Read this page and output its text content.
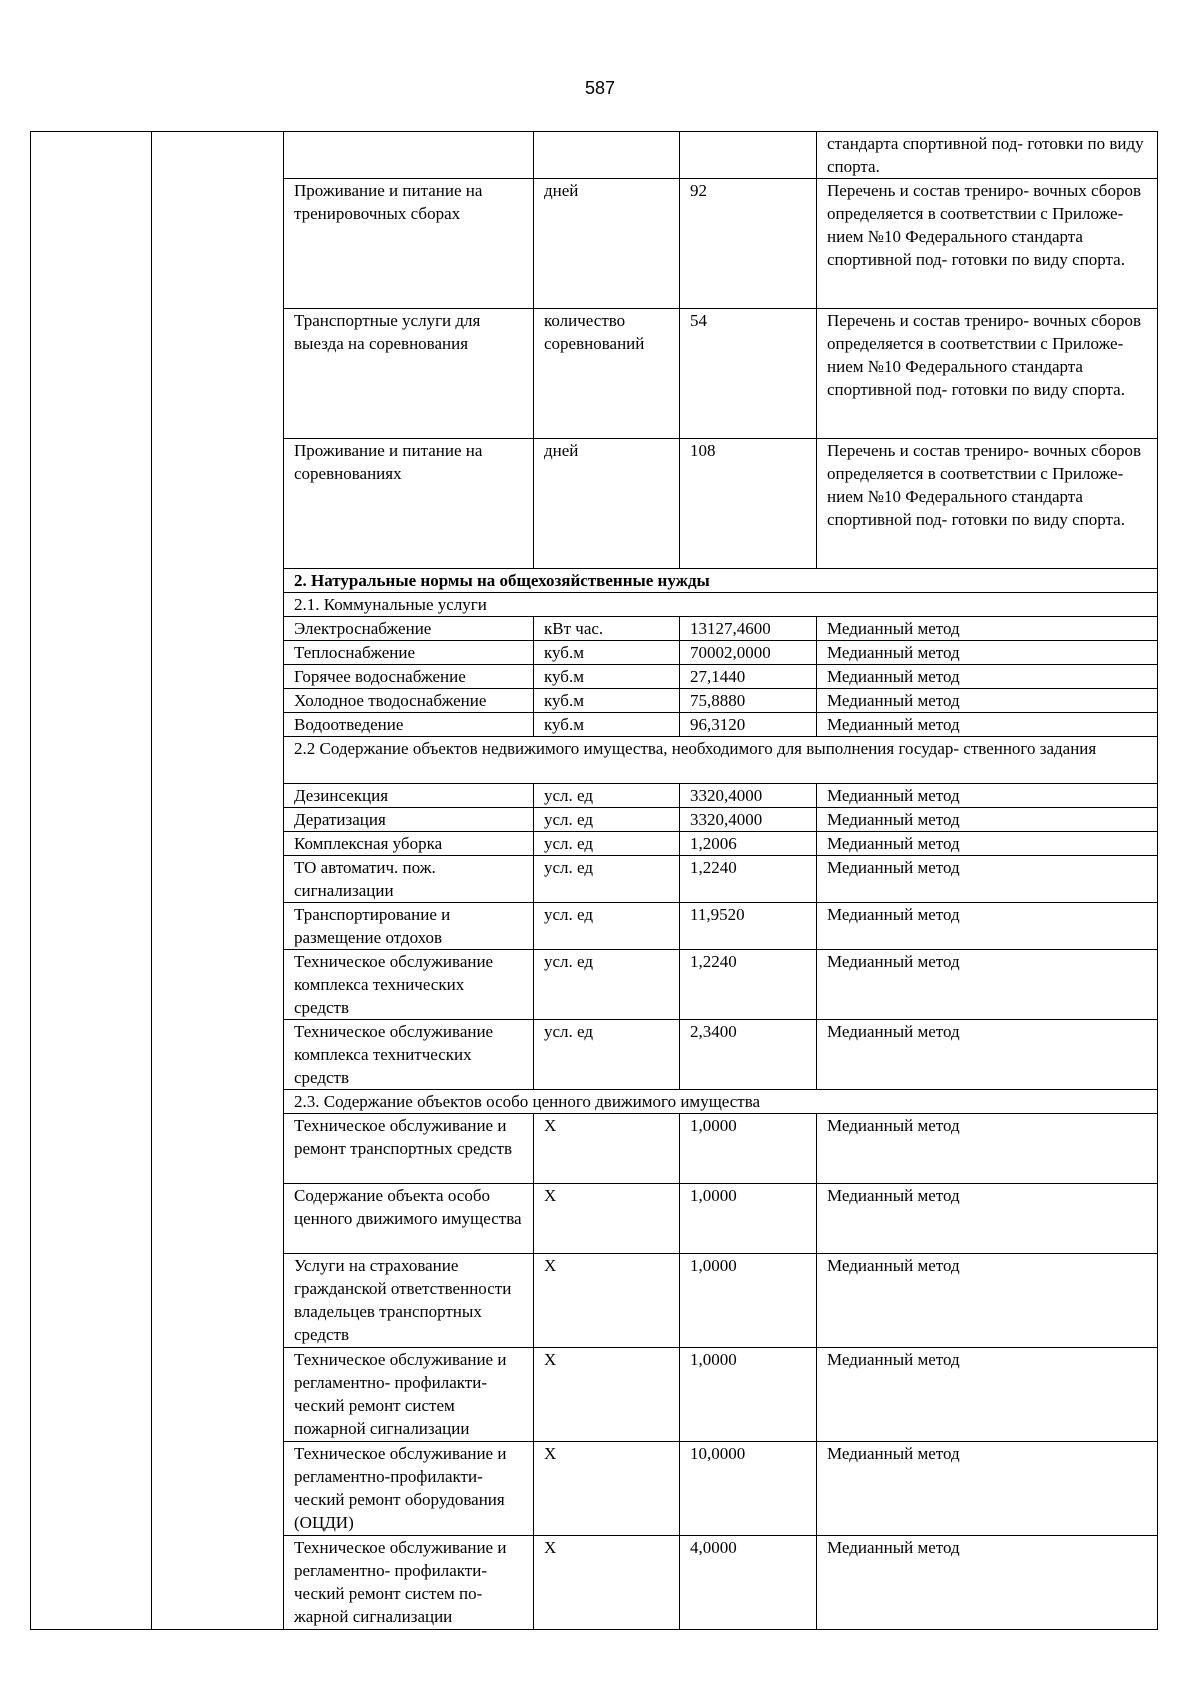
587
					стандарта спортивной под- готовки по виду спорта.
		Проживание и питание на тренировочных сборах	дней	92	Перечень и состав трениро- вочных сборов определяется в соответствии с Приложе- нием №10 Федерального стандарта спортивной под- готовки по виду спорта.
		Транспортные услуги для выезда на соревнования	количество соревнований	54	Перечень и состав трениро- вочных сборов определяется в соответствии с Приложе- нием №10 Федерального стандарта спортивной под- готовки по виду спорта.
		Проживание и питание на соревнованиях	дней	108	Перечень и состав трениро- вочных сборов определяется в соответствии с Приложе- нием №10 Федерального стандарта спортивной под- готовки по виду спорта.
		2. Натуральные нормы на общехозяйственные нужды			
		2.1. Коммунальные услуги			
		Электроснабжение	кВт час.	13127,4600	Медианный метод
		Теплоснабжение	куб.м	70002,0000	Медианный метод
		Горячее водоснабжение	куб.м	27,1440	Медианный метод
		Холодное тводоснабжение	куб.м	75,8880	Медианный метод
		Водоотведение	куб.м	96,3120	Медианный метод
		2.2 Содержание объектов недвижимого имущества, необходимого для выполнения государ- ственного задания			
		Дезинсекция	усл. ед	3320,4000	Медианный метод
		Дератизация	усл. ед	3320,4000	Медианный метод
		Комплексная уборка	усл. ед	1,2006	Медианный метод
		ТО автоматич. пож. сигнализации	усл. ед	1,2240	Медианный метод
		Транспортирование и размещение отдохов	усл. ед	11,9520	Медианный метод
		Техническое обслуживание комплекса технических средств	усл. ед	1,2240	Медианный метод
		Техническое обслуживание комплекса технитческих средств	усл. ед	2,3400	Медианный метод
		2.3. Содержание объектов особо ценного движимого имущества			
		Техническое обслуживание и ремонт транспортных средств	Х	1,0000	Медианный метод
		Содержание объекта особо ценного движимого имущества	Х	1,0000	Медианный метод
		Услуги на страхование гражданской ответственности владельцев транспортных средств	Х	1,0000	Медианный метод
		Техническое обслуживание и регламентно- профилакти- ческий ремонт систем пожарной сигнализации	Х	1,0000	Медианный метод
		Техническое обслуживание и регламентно-профилакти- ческий ремонт оборудования (ОЦДИ)	Х	10,0000	Медианный метод
		Техническое обслуживание и регламентно- профилакти- ческий ремонт систем по- жарной сигнализации	Х	4,0000	Медианный метод
